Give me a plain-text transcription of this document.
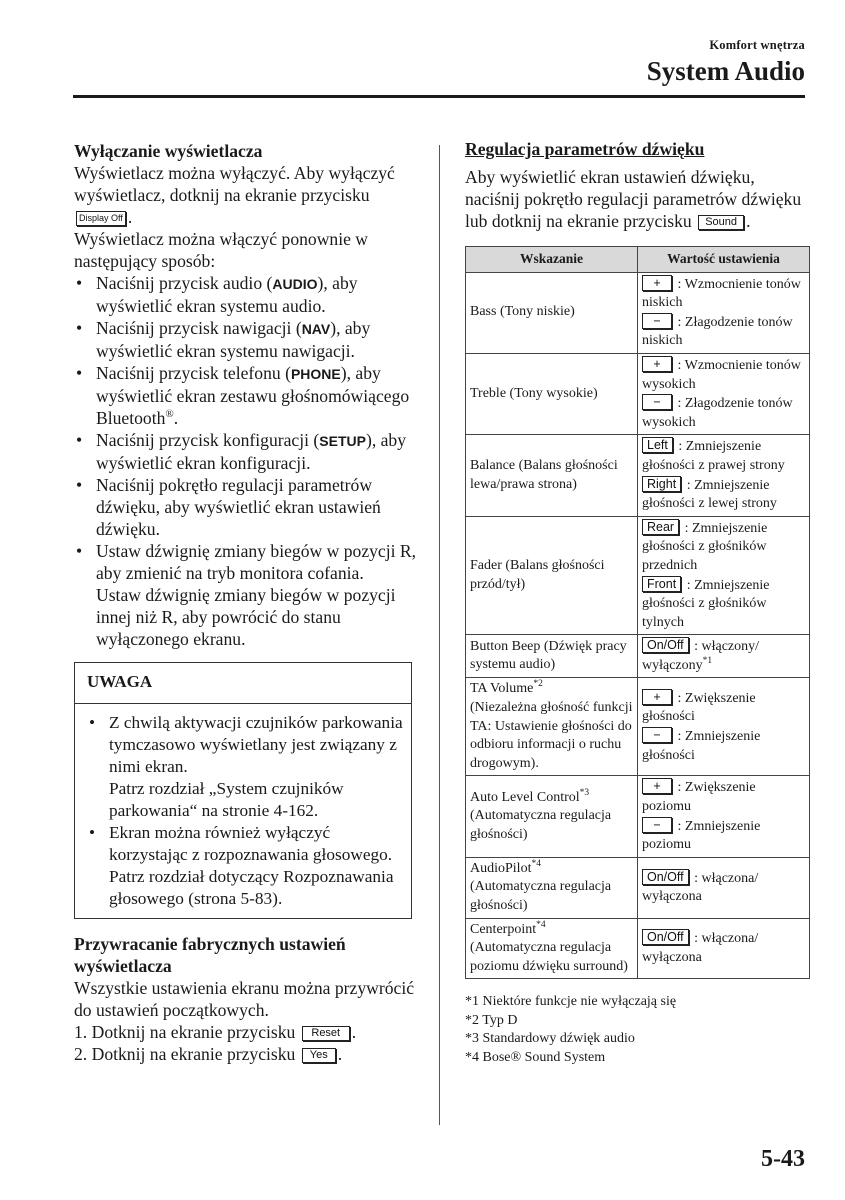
Komfort wnętrza
System Audio
Wyłączanie wyświetlacza

Wyświetlacz można wyłączyć. Aby wyłączyć wyświetlacz, dotknij na ekranie przycisku Display Off .

Wyświetlacz można włączyć ponownie w następujący sposób:

• Naciśnij przycisk audio (AUDIO), aby wyświetlić ekran systemu audio.
• Naciśnij przycisk nawigacji (NAV), aby wyświetlić ekran systemu nawigacji.
• Naciśnij przycisk telefonu (PHONE), aby wyświetlić ekran zestawu głośnomówiącego Bluetooth®.
• Naciśnij przycisk konfiguracji (SETUP), aby wyświetlić ekran konfiguracji.
• Naciśnij pokrętło regulacji parametrów dźwięku, aby wyświetlić ekran ustawień dźwięku.
• Ustaw dźwignię zmiany biegów w pozycji R, aby zmienić na tryb monitora cofania.
Ustaw dźwignię zmiany biegów w pozycji innej niż R, aby powrócić do stanu wyłączonego ekranu.
UWAGA
• Z chwilą aktywacji czujników parkowania tymczasowo wyświetlany jest związany z nimi ekran.
Patrz rozdział „System czujników parkowania“ na stronie 4-162.
• Ekran można również wyłączyć korzystając z rozpoznawania głosowego.
Patrz rozdział dotyczący Rozpoznawania głosowego (strona 5-83).
Przywracanie fabrycznych ustawień wyświetlacza

Wszystkie ustawienia ekranu można przywrócić do ustawień początkowych.

1. Dotknij na ekranie przycisku Reset .
2. Dotknij na ekranie przycisku Yes .
Regulacja parametrów dźwięku

Aby wyświetlić ekran ustawień dźwięku, naciśnij pokrętło regulacji parametrów dźwięku lub dotknij na ekranie przycisku Sound .

Wskazanie	Wartość ustawienia
Bass (Tony niskie)	+ : Wzmocnienie tonów niskich
− : Złagodzenie tonów niskich
Treble (Tony wysokie)	+ : Wzmocnienie tonów wysokich
− : Złagodzenie tonów wysokich
Balance (Balans głośności lewa/prawa strona)	Left : Zmniejszenie głośności z prawej strony
Right : Zmniejszenie głośności z lewej strony
Fader (Balans głośności przód/tył)	Rear : Zmniejszenie głośności z głośników przednich
Front : Zmniejszenie głośności z głośników tylnych
Button Beep (Dźwięk pracy systemu audio)	On/Off : włączony/ wyłączony$^{*1}$
TA Volume$^{*2}$
(Niezależna głośność funkcji TA: Ustawienie głośności do odbioru informacji o ruchu drogowym).	+ : Zwiększenie głośności
− : Zmniejszenie głośności
Auto Level Control$^{*3}$
(Automatyczna regulacja głośności)	+ : Zwiększenie poziomu
− : Zmniejszenie poziomu
AudioPilot$^{*4}$
(Automatyczna regulacja głośności)	On/Off : włączona/ wyłączona
Centerpoint$^{*4}$
(Automatyczna regulacja poziomu dźwięku surround)	On/Off : włączona/ wyłączona
*1 Niektóre funkcje nie wyłączają się
*2 Typ D
*3 Standardowy dźwięk audio
*4 Bose® Sound System
5-43
